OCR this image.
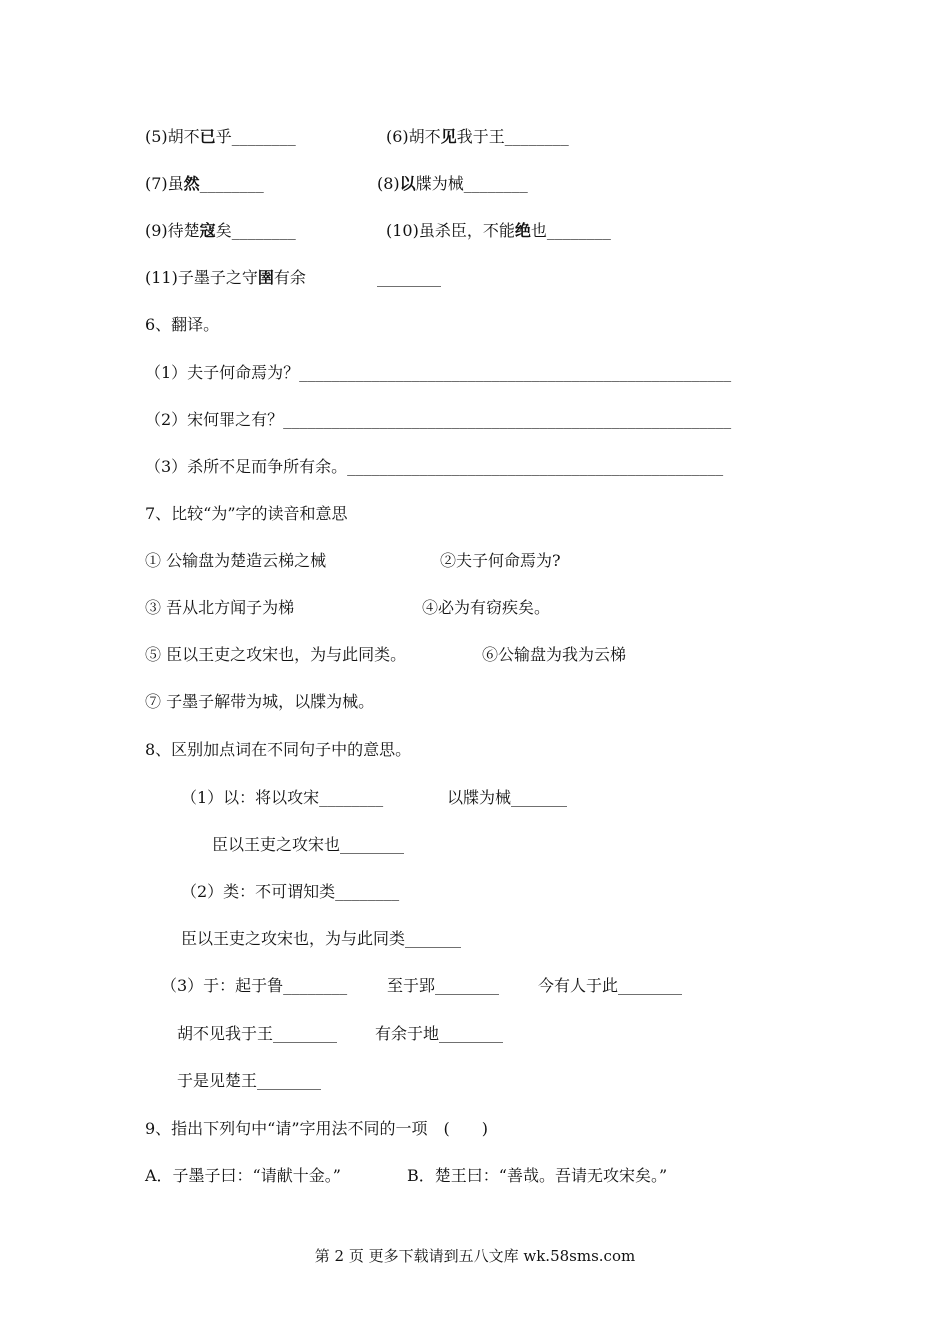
(5)胡不已乎________	(6)胡不见我于王________
(7)虽然________	(8)以牒为械________
(9)待楚寇矣________	(10)虽杀臣，不能绝也________
(11)子墨子之守圉有余	________
6、翻译。
（1）夫子何命焉为？______________________________________________________
（2）宋何罪之有？________________________________________________________
（3）杀所不足而争所有余。_______________________________________________
7、比较“为”字的读音和意思
① 公输盘为楚造云梯之械	②夫子何命焉为?
③ 吾从北方闻子为梯	④必为有窃疾矣。
⑤ 臣以王吏之攻宋也，为与此同类。	⑥公输盘为我为云梯
⑦ 子墨子解带为城，以牒为械。
8、区别加点词在不同句子中的意思。
（1）以：将以攻宋________	以牒为械_______
臣以王吏之攻宋也________
（2）类：不可谓知类________
臣以王吏之攻宋也，为与此同类_______
（3）于：起于鲁________ 至于郢________ 今有人于此________
胡不见我于王________ 有余于地________
于是见楚王________
9、指出下列句中“请”字用法不同的一项　(　　)
A．子墨子曰：“请献十金。”	B．楚王曰：“善哉。吾请无攻宋矣。”
第 2 页 更多下载请到五八文库 wk.58sms.com
